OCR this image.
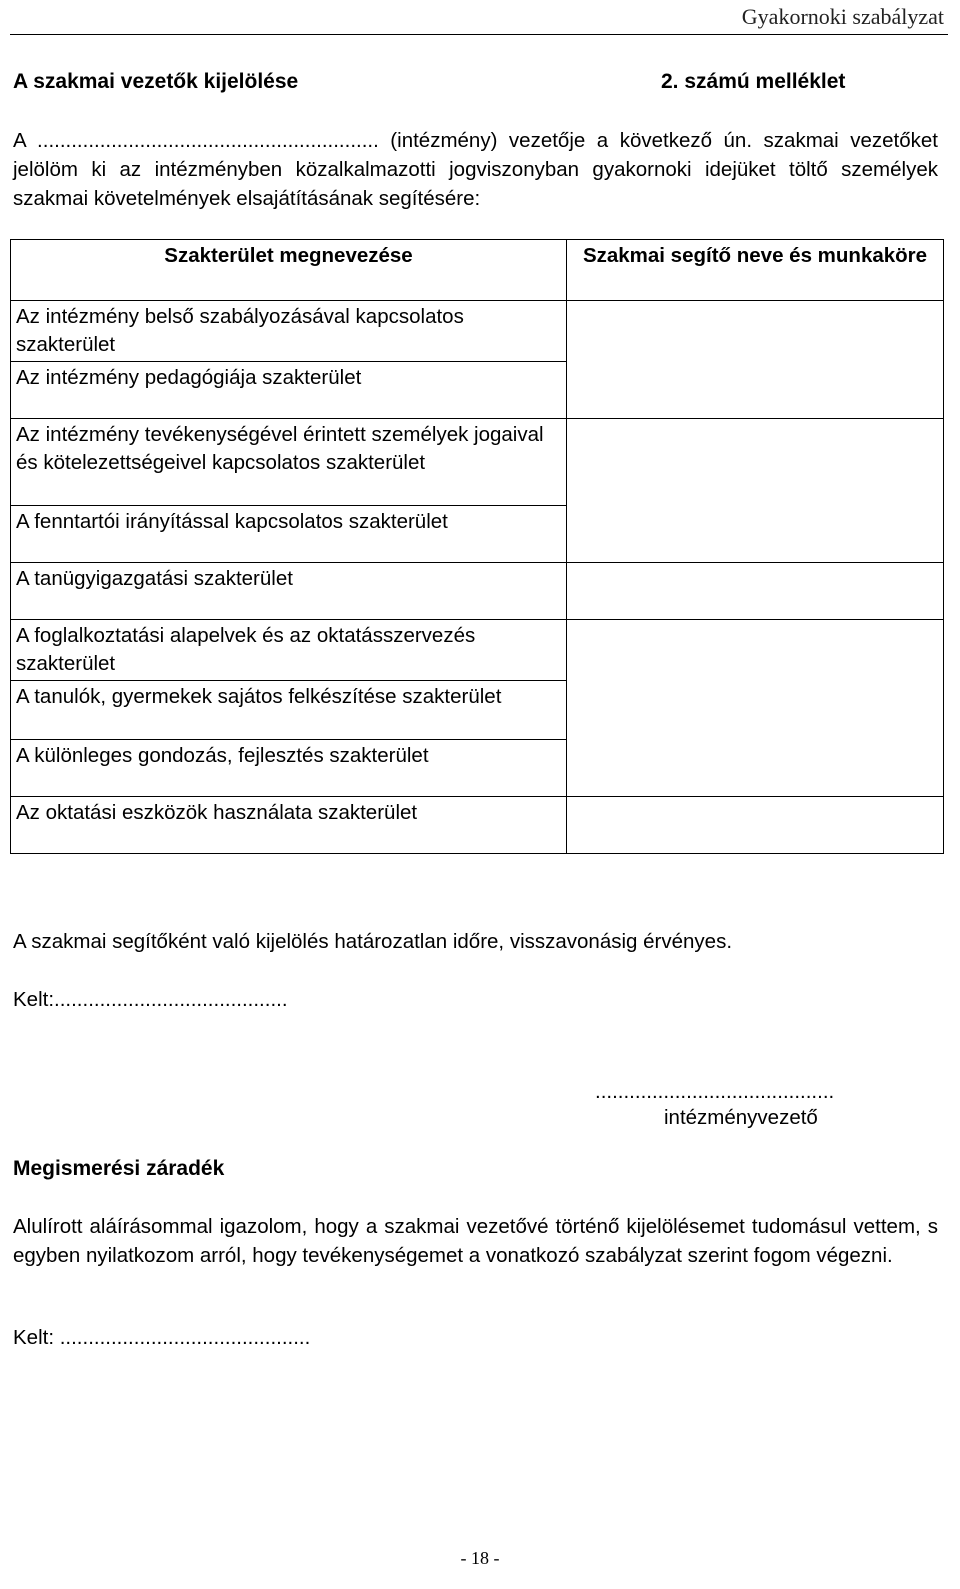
Gyakornoki szabályzat
A szakmai vezetők kijelölése	2. számú melléklet
A ............................................................ (intézmény) vezetője a következő ún. szakmai vezetőket jelölöm ki az intézményben közalkalmazotti jogviszonyban gyakornoki idejüket töltő személyek szakmai követelmények elsajátításának segítésére:
Szakterület megnevezése	Szakmai segítő neve és munkaköre
Az intézmény belső szabályozásával kapcsolatos szakterület	
Az intézmény pedagógiája szakterület	
Az intézmény tevékenységével érintett személyek jogaival és kötelezettségeivel kapcsolatos szakterület	
A fenntartói irányítással kapcsolatos szakterület	
A tanügyigazgatási szakterület	
A foglalkoztatási alapelvek és az oktatásszervezés szakterület	
A tanulók, gyermekek sajátos felkészítése szakterület	
A különleges gondozás, fejlesztés szakterület	
Az oktatási eszközök használata szakterület	
A szakmai segítőként való kijelölés határozatlan időre, visszavonásig érvényes.
Kelt:.........................................
..........................................
intézményvezető
Megismerési záradék
Alulírott aláírásommal igazolom, hogy a szakmai vezetővé történő kijelölésemet tudomásul vettem, s egyben nyilatkozom arról, hogy tevékenységemet a vonatkozó szabályzat szerint fogom végezni.
Kelt: ............................................
- 18 -
